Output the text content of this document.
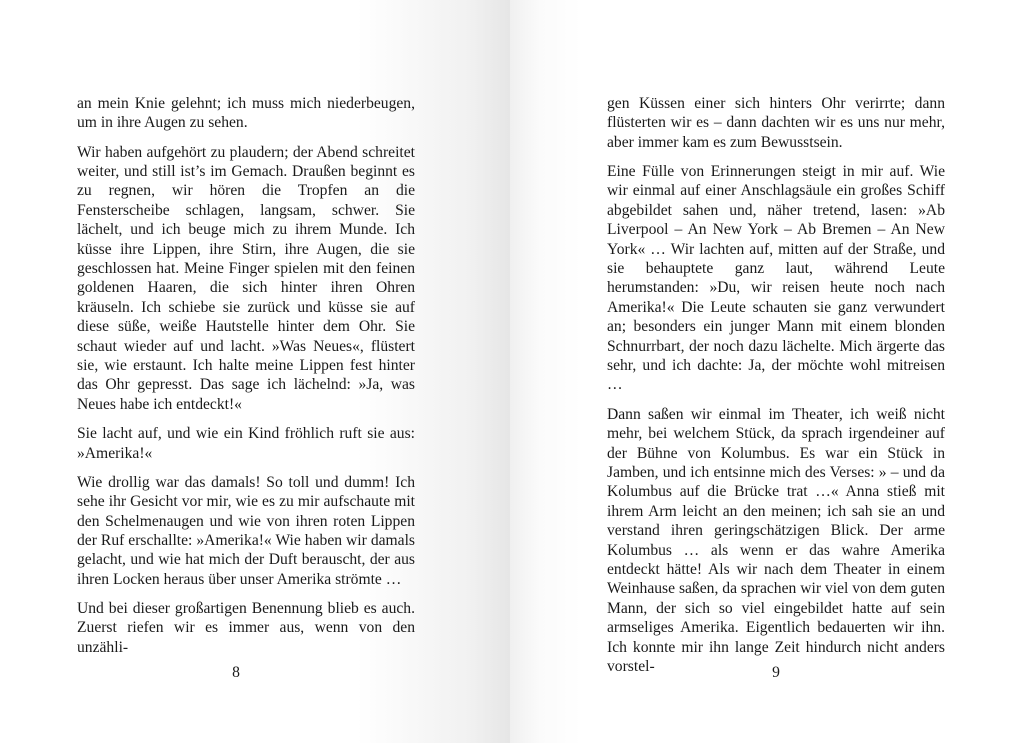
an mein Knie gelehnt; ich muss mich niederbeugen, um in ihre Augen zu sehen.

Wir haben aufgehört zu plaudern; der Abend schreitet weiter, und still ist’s im Gemach. Draußen beginnt es zu regnen, wir hören die Tropfen an die Fensterscheibe schlagen, langsam, schwer. Sie lächelt, und ich beuge mich zu ihrem Munde. Ich küsse ihre Lippen, ihre Stirn, ihre Augen, die sie geschlossen hat. Meine Finger spielen mit den feinen goldenen Haaren, die sich hinter ihren Ohren kräuseln. Ich schiebe sie zurück und küsse sie auf diese süße, weiße Hautstelle hinter dem Ohr. Sie schaut wieder auf und lacht. »Was Neues«, flüstert sie, wie erstaunt. Ich halte meine Lippen fest hinter das Ohr gepresst. Das sage ich lächelnd: »Ja, was Neues habe ich entdeckt!«

Sie lacht auf, und wie ein Kind fröhlich ruft sie aus: »Amerika!«

Wie drollig war das damals! So toll und dumm! Ich sehe ihr Gesicht vor mir, wie es zu mir aufschaute mit den Schelmenaugen und wie von ihren roten Lippen der Ruf erschallte: »Amerika!« Wie haben wir damals gelacht, und wie hat mich der Duft berauscht, der aus ihren Locken heraus über unser Amerika strömte …

Und bei dieser großartigen Benennung blieb es auch. Zuerst riefen wir es immer aus, wenn von den unzähli-

8

gen Küssen einer sich hinters Ohr verirrte; dann flüsterten wir es – dann dachten wir es uns nur mehr, aber immer kam es zum Bewusstsein.

Eine Fülle von Erinnerungen steigt in mir auf. Wie wir einmal auf einer Anschlagsäule ein großes Schiff abgebildet sahen und, näher tretend, lasen: »Ab Liverpool – An New York – Ab Bremen – An New York« … Wir lachten auf, mitten auf der Straße, und sie behauptete ganz laut, während Leute herumstanden: »Du, wir reisen heute noch nach Amerika!« Die Leute schauten sie ganz verwundert an; besonders ein junger Mann mit einem blonden Schnurrbart, der noch dazu lächelte. Mich ärgerte das sehr, und ich dachte: Ja, der möchte wohl mitreisen …

Dann saßen wir einmal im Theater, ich weiß nicht mehr, bei welchem Stück, da sprach irgendeiner auf der Bühne von Kolumbus. Es war ein Stück in Jamben, und ich entsinne mich des Verses: » – und da Kolumbus auf die Brücke trat …« Anna stieß mit ihrem Arm leicht an den meinen; ich sah sie an und verstand ihren geringschätzigen Blick. Der arme Kolumbus … als wenn er das wahre Amerika entdeckt hätte! Als wir nach dem Theater in einem Weinhause saßen, da sprachen wir viel von dem guten Mann, der sich so viel eingebildet hatte auf sein armseliges Amerika. Eigentlich bedauerten wir ihn. Ich konnte mir ihn lange Zeit hindurch nicht anders vorstel-	9
